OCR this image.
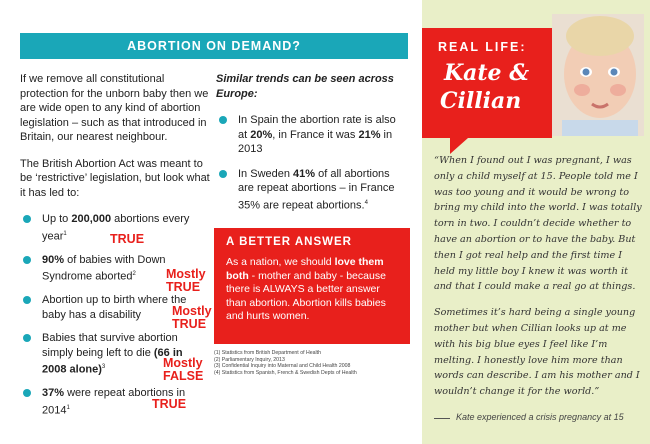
ABORTION ON DEMAND?

If we remove all constitutional protection for the unborn baby then we are wide open to any kind of abortion legislation – such as that introduced in Britain, our nearest neighbour.

The British Abortion Act was meant to be ‘restrictive’ legislation, but look what it has led to:

Up to 200,000 abortions every year$^1$
90% of babies with Down Syndrome aborted$^2$
Abortion up to birth where the baby has a disability
Babies that survive abortion simply being left to die (66 in 2008 alone)$^3$
37% were repeat abortions in 2014$^1$
TRUE
Mostly TRUE
Mostly TRUE
Mostly FALSE
TRUE
Similar trends can be seen across Europe:
In Spain the abortion rate is also at 20%, in France it was 21% in 2013
In Sweden 41% of all abortions are repeat abortions – in France 35% are repeat abortions.$^4$
A BETTER ANSWER

As a nation, we should love them both - mother and baby - because there is ALWAYS a better answer than abortion. Abortion kills babies and hurts women.

(1) Statistics from British Department of Health
(2) Parliamentary Inquiry, 2013
(3) Confidential Inquiry into Maternal and Child Health 2008
(4) Statistics from Spanish, French & Swedish Depts of Health
REAL LIFE:
Kate &
Cillian

“When I found out I was pregnant, I was only a child myself at 15. People told me I was too young and it would be wrong to bring my child into the world. I was totally torn in two. I couldn’t decide whether to have an abortion or to have the baby. But then I got real help and the first time I held my little boy I knew it was worth it and that I could make a real go at things.

Sometimes it’s hard being a single young mother but when Cillian looks up at me with his big blue eyes I feel like I’m melting. I honestly love him more than words can describe. I am his mother and I wouldn’t change it for the world.”

Kate experienced a crisis pregnancy at 15
